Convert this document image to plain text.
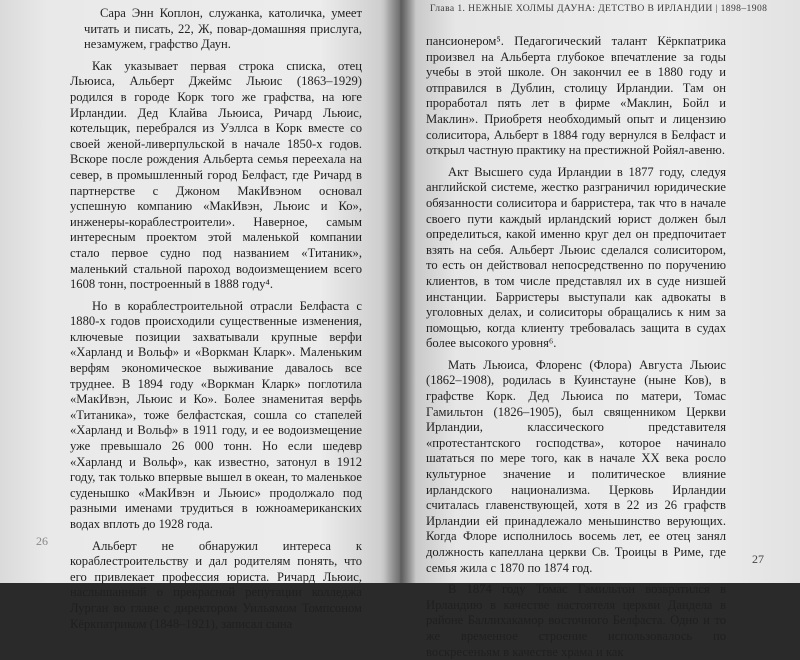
Сара Энн Коплон, служанка, католичка, умеет читать и писать, 22, Ж, повар-домашняя прислуга, незамужем, графство Даун.

Как указывает первая строка списка, отец Льюиса, Альберт Джеймс Льюис (1863–1929) родился в городе Корк того же графства, на юге Ирландии. Дед Клайва Льюиса, Ричард Льюис, котельщик, перебрался из Уэллса в Корк вместе со своей женой-ливерпульской в начале 1850-х годов. Вскоре после рождения Альберта семья переехала на север, в промышленный город Белфаст, где Ричард в партнерстве с Джоном МакИвэном основал успешную компанию «МакИвэн, Льюис и Ко», инженеры-кораблестроители». Наверное, самым интересным проектом этой маленькой компании стало первое судно под названием «Титаник», маленький стальной пароход водоизмещением всего 1608 тонн, построенный в 1888 году⁴.

Но в кораблестроительной отрасли Белфаста с 1880-х годов происходили существенные изменения, ключевые позиции захватывали крупные верфи «Харланд и Вольф» и «Воркман Кларк». Маленьким верфям экономическое выживание давалось все труднее. В 1894 году «Воркман Кларк» поглотила «МакИвэн, Льюис и Ко». Более знаменитая верфь «Титаника», тоже белфастская, сошла со стапелей «Харланд и Вольф» в 1911 году, и ее водоизмещение уже превышало 26 000 тонн. Но если шедевр «Харланд и Вольф», как известно, затонул в 1912 году, так только впервые вышел в океан, то маленькое суденышко «МакИвэн и Льюис» продолжало под разными именами трудиться в южноамериканских водах вплоть до 1928 года.

Альберт не обнаружил интереса к кораблестроительству и дал родителям понять, что его привлекает профессия юриста. Ричард Льюис, наслышанный о прекрасной репутации колледжа Лурган во главе с директором Уильямом Томпсоном Кёркпатриком (1848–1921), записал сына

26
Глава 1. НЕЖНЫЕ ХОЛМЫ ДАУНА: ДЕТСТВО В ИРЛАНДИИ | 1898–1908

пансионером⁵. Педагогический талант Кёркпатрика произвел на Альберта глубокое впечатление за годы учебы в этой школе. Он закончил ее в 1880 году и отправился в Дублин, столицу Ирландии. Там он проработал пять лет в фирме «Маклин, Бойл и Маклин». Приобретя необходимый опыт и лицензию солиситора, Альберт в 1884 году вернулся в Белфаст и открыл частную практику на престижной Ройял-авеню.

Акт Высшего суда Ирландии в 1877 году, следуя английской системе, жестко разграничил юридические обязанности солиситора и барристера, так что в начале своего пути каждый ирландский юрист должен был определиться, какой именно круг дел он предпочитает взять на себя. Альберт Льюис сделался солиситором, то есть он действовал непосредственно по поручению клиентов, в том числе представлял их в суде низшей инстанции. Барристеры выступали как адвокаты в уголовных делах, и солиситоры обращались к ним за помощью, когда клиенту требовалась защита в судах более высокого уровня⁶.

Мать Льюиса, Флоренс (Флора) Августа Льюис (1862–1908), родилась в Куинстауне (ныне Ков), в графстве Корк. Дед Льюиса по матери, Томас Гамильтон (1826–1905), был священником Церкви Ирландии, классического представителя «протестантского господства», которое начинало шататься по мере того, как в начале XX века росло культурное значение и политическое влияние ирландского национализма. Церковь Ирландии считалась главенствующей, хотя в 22 из 26 графств Ирландии ей принадлежало меньшинство верующих. Когда Флоре исполнилось восемь лет, ее отец занял должность капеллана церкви Св. Троицы в Риме, где семья жила с 1870 по 1874 год.

В 1874 году Томас Гамильтон возвратился в Ирландию в качестве настоятеля церкви Дандела в районе Баллихакамор восточного Белфаста. Одно и то же временное строение использовалось по воскресеньям в качестве храма и как

27
